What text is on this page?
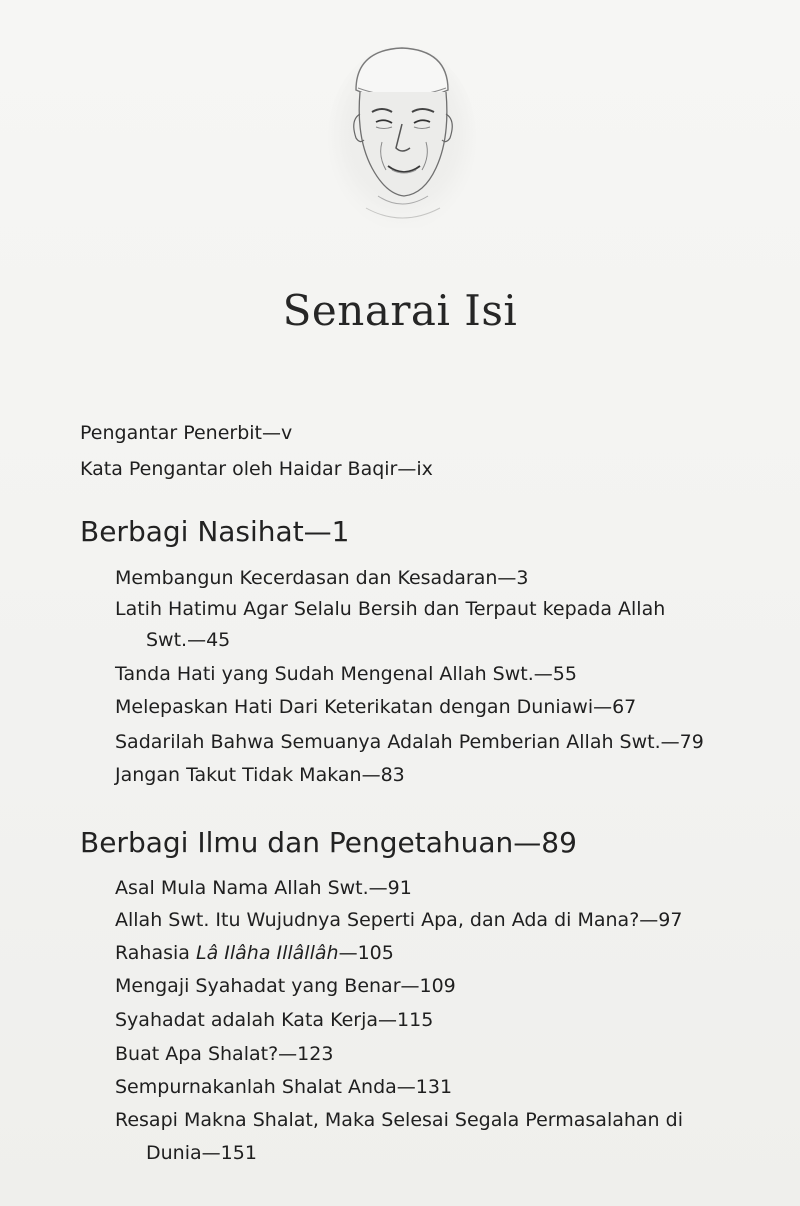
Senarai Isi
Pengantar Penerbit—v
Kata Pengantar oleh Haidar Baqir—ix
Berbagi Nasihat—1
Membangun Kecerdasan dan Kesadaran—3
Latih Hatimu Agar Selalu Bersih dan Terpaut kepada Allah
Swt.—45
Tanda Hati yang Sudah Mengenal Allah Swt.—55
Melepaskan Hati Dari Keterikatan dengan Duniawi—67
Sadarilah Bahwa Semuanya Adalah Pemberian Allah Swt.—79
Jangan Takut Tidak Makan—83
Berbagi Ilmu dan Pengetahuan—89
Asal Mula Nama Allah Swt.—91
Allah Swt. Itu Wujudnya Seperti Apa, dan Ada di Mana?—97
Rahasia Lâ Ilâha Illâllâh—105
Mengaji Syahadat yang Benar—109
Syahadat adalah Kata Kerja—115
Buat Apa Shalat?—123
Sempurnakanlah Shalat Anda—131
Resapi Makna Shalat, Maka Selesai Segala Permasalahan di
Dunia—151
